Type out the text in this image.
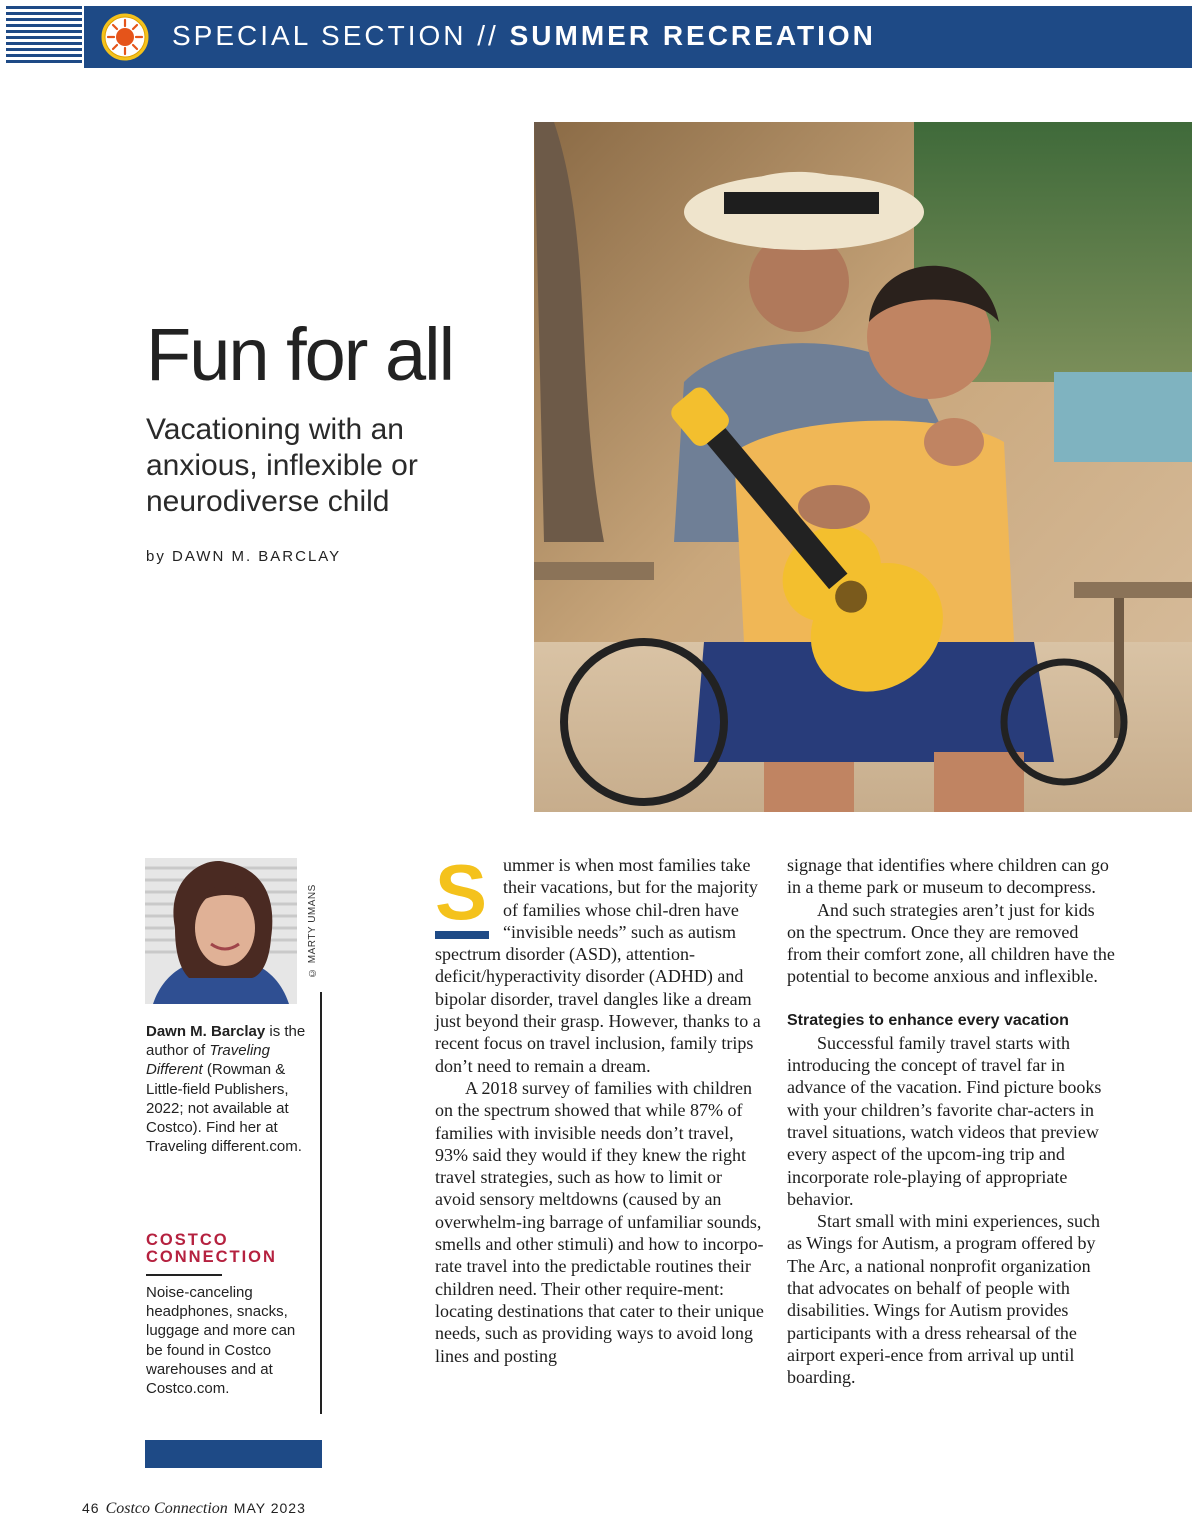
SPECIAL SECTION // SUMMER RECREATION
Fun for all
Vacationing with an anxious, inflexible or neurodiverse child
by DAWN M. BARCLAY
© MARTY UMANS
Dawn M. Barclay is the author of Traveling Different (Rowman & Little-field Publishers, 2022; not available at Costco). Find her at Traveling different.com.
COSTCO CONNECTION
Noise-canceling headphones, snacks, luggage and more can be found in Costco warehouses and at Costco.com.

Summer is when most families take their vacations, but for the majority of families whose chil-dren have “invisible needs” such as autism spectrum disorder (ASD), attention-deficit/hyperactivity disorder (ADHD) and bipolar disorder, travel dangles like a dream just beyond their grasp. However, thanks to a recent focus on travel inclusion, family trips don’t need to remain a dream.

A 2018 survey of families with children on the spectrum showed that while 87% of families with invisible needs don’t travel, 93% said they would if they knew the right travel strategies, such as how to limit or avoid sensory meltdowns (caused by an overwhelm-ing barrage of unfamiliar sounds, smells and other stimuli) and how to incorpo-rate travel into the predictable routines their children need. Their other require-ment: locating destinations that cater to their unique needs, such as providing ways to avoid long lines and posting

signage that identifies where children can go in a theme park or museum to decompress.

And such strategies aren’t just for kids on the spectrum. Once they are removed from their comfort zone, all children have the potential to become anxious and inflexible.

Strategies to enhance every vacation

Successful family travel starts with introducing the concept of travel far in advance of the vacation. Find picture books with your children’s favorite char-acters in travel situations, watch videos that preview every aspect of the upcom-ing trip and incorporate role-playing of appropriate behavior.

Start small with mini experiences, such as Wings for Autism, a program offered by The Arc, a national nonprofit organization that advocates on behalf of people with disabilities. Wings for Autism provides participants with a dress rehearsal of the airport experi-ence from arrival up until boarding.

46 Costco Connection MAY 2023
